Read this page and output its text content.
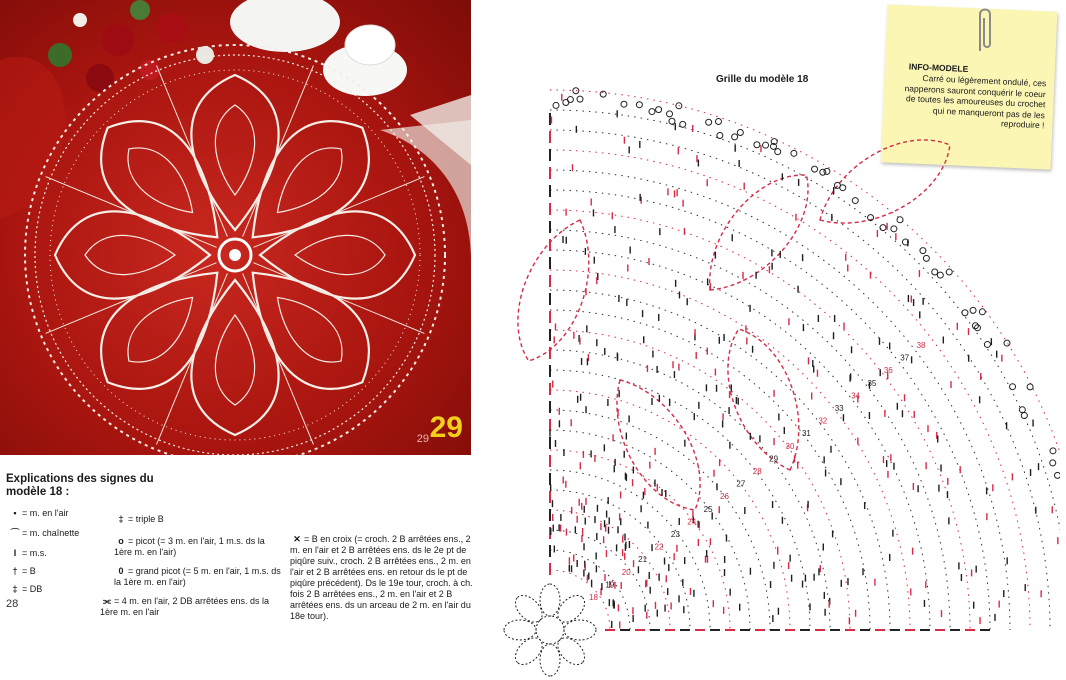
29 29
Explications des signes du modèle 18 :
• = m. en l'air
⌒ = m. chaînette
I = m.s.
† = B
‡ = DB
28
‡ = triple B
ο = picot (= 3 m. en l'air, 1 m.s. ds la 1ère m. en l'air)
0 = grand picot (= 5 m. en l'air, 1 m.s. ds la 1ère m. en l'air)
⫘ = 4 m. en l'air, 2 DB arrêtées ens. ds la 1ère m. en l'air
✕ = B en croix (= croch. 2 B arrêtées ens., 2 m. en l'air et 2 B arrêtées ens. ds le 2e pt de piqûre suiv., croch. 2 B arrêtées ens., 2 m. en l'air et 2 B arrêtées ens. en retour ds le pt de piqûre précédent). Ds le 19e tour, croch. à ch. fois 2 B arrêtées ens., 2 m. en l'air et 2 B arrêtées ens. ds un arceau de 2 m. en l'air du 18e tour).
INFO-MODELE
Carré ou légèrement ondulé, ces napperons sauront conquérir le coeur de toutes les amoureuses du crochet qui ne manqueront pas de les reproduire !
Grille du modèle 18
38
37
36
35
34
33
32
31
30
29
28
27
26
25
24
23
22
21
20
19
18
